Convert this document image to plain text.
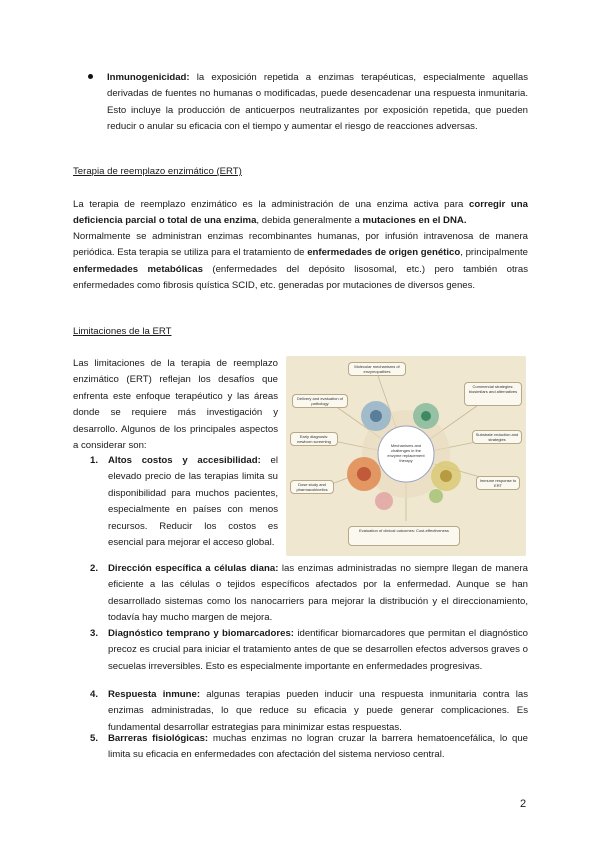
Inmunogenicidad: la exposición repetida a enzimas terapéuticas, especialmente aquellas derivadas de fuentes no humanas o modificadas, puede desencadenar una respuesta inmunitaria. Esto incluye la producción de anticuerpos neutralizantes por exposición repetida, que pueden reducir o anular su eficacia con el tiempo y aumentar el riesgo de reacciones adversas.
Terapia de reemplazo enzimático (ERT)
La terapia de reemplazo enzimático es la administración de una enzima activa para corregir una deficiencia parcial o total de una enzima, debida generalmente a mutaciones en el DNA.
Normalmente se administran enzimas recombinantes humanas, por infusión intravenosa de manera periódica. Esta terapia se utiliza para el tratamiento de enfermedades de origen genético, principalmente enfermedades metabólicas (enfermedades del depósito lisosomal, etc.) pero también otras enfermedades como fibrosis quística SCID, etc. generadas por mutaciones de diversos genes.
Limitaciones de la ERT
Las limitaciones de la terapia de reemplazo enzimático (ERT) reflejan los desafíos que enfrenta este enfoque terapéutico y las áreas donde se requiere más investigación y desarrollo. Algunos de los principales aspectos a considerar son:	Mechanisms and challenges in the enzyme replacement therapy
Molecular mechanisms of enzymopathies
Delivery and evaluation of pathology
Commercial strategies: biosimilars and alternatives
Substrate reduction and strategies
Early diagnosis: newborn screening
Dose study and pharmacokinetics
Immune response to ERT
Evaluation of clinical outcomes: Cost-effectiveness
1. Altos costos y accesibilidad: el elevado precio de las terapias limita su disponibilidad para muchos pacientes, especialmente en países con menos recursos. Reducir los costos es esencial para mejorar el acceso global.
2. Dirección específica a células diana: las enzimas administradas no siempre llegan de manera eficiente a las células o tejidos específicos afectados por la enfermedad. Aunque se han desarrollado sistemas como los nanocarriers para mejorar la distribución y el direccionamiento, todavía hay mucho margen de mejora.
3. Diagnóstico temprano y biomarcadores: identificar biomarcadores que permitan el diagnóstico precoz es crucial para iniciar el tratamiento antes de que se desarrollen efectos adversos graves o secuelas irreversibles. Esto es especialmente importante en enfermedades progresivas.
4. Respuesta inmune: algunas terapias pueden inducir una respuesta inmunitaria contra las enzimas administradas, lo que reduce su eficacia y puede generar complicaciones. Es fundamental desarrollar estrategias para minimizar estas respuestas.
5. Barreras fisiológicas: muchas enzimas no logran cruzar la barrera hematoencefálica, lo que limita su eficacia en enfermedades con afectación del sistema nervioso central.
2
